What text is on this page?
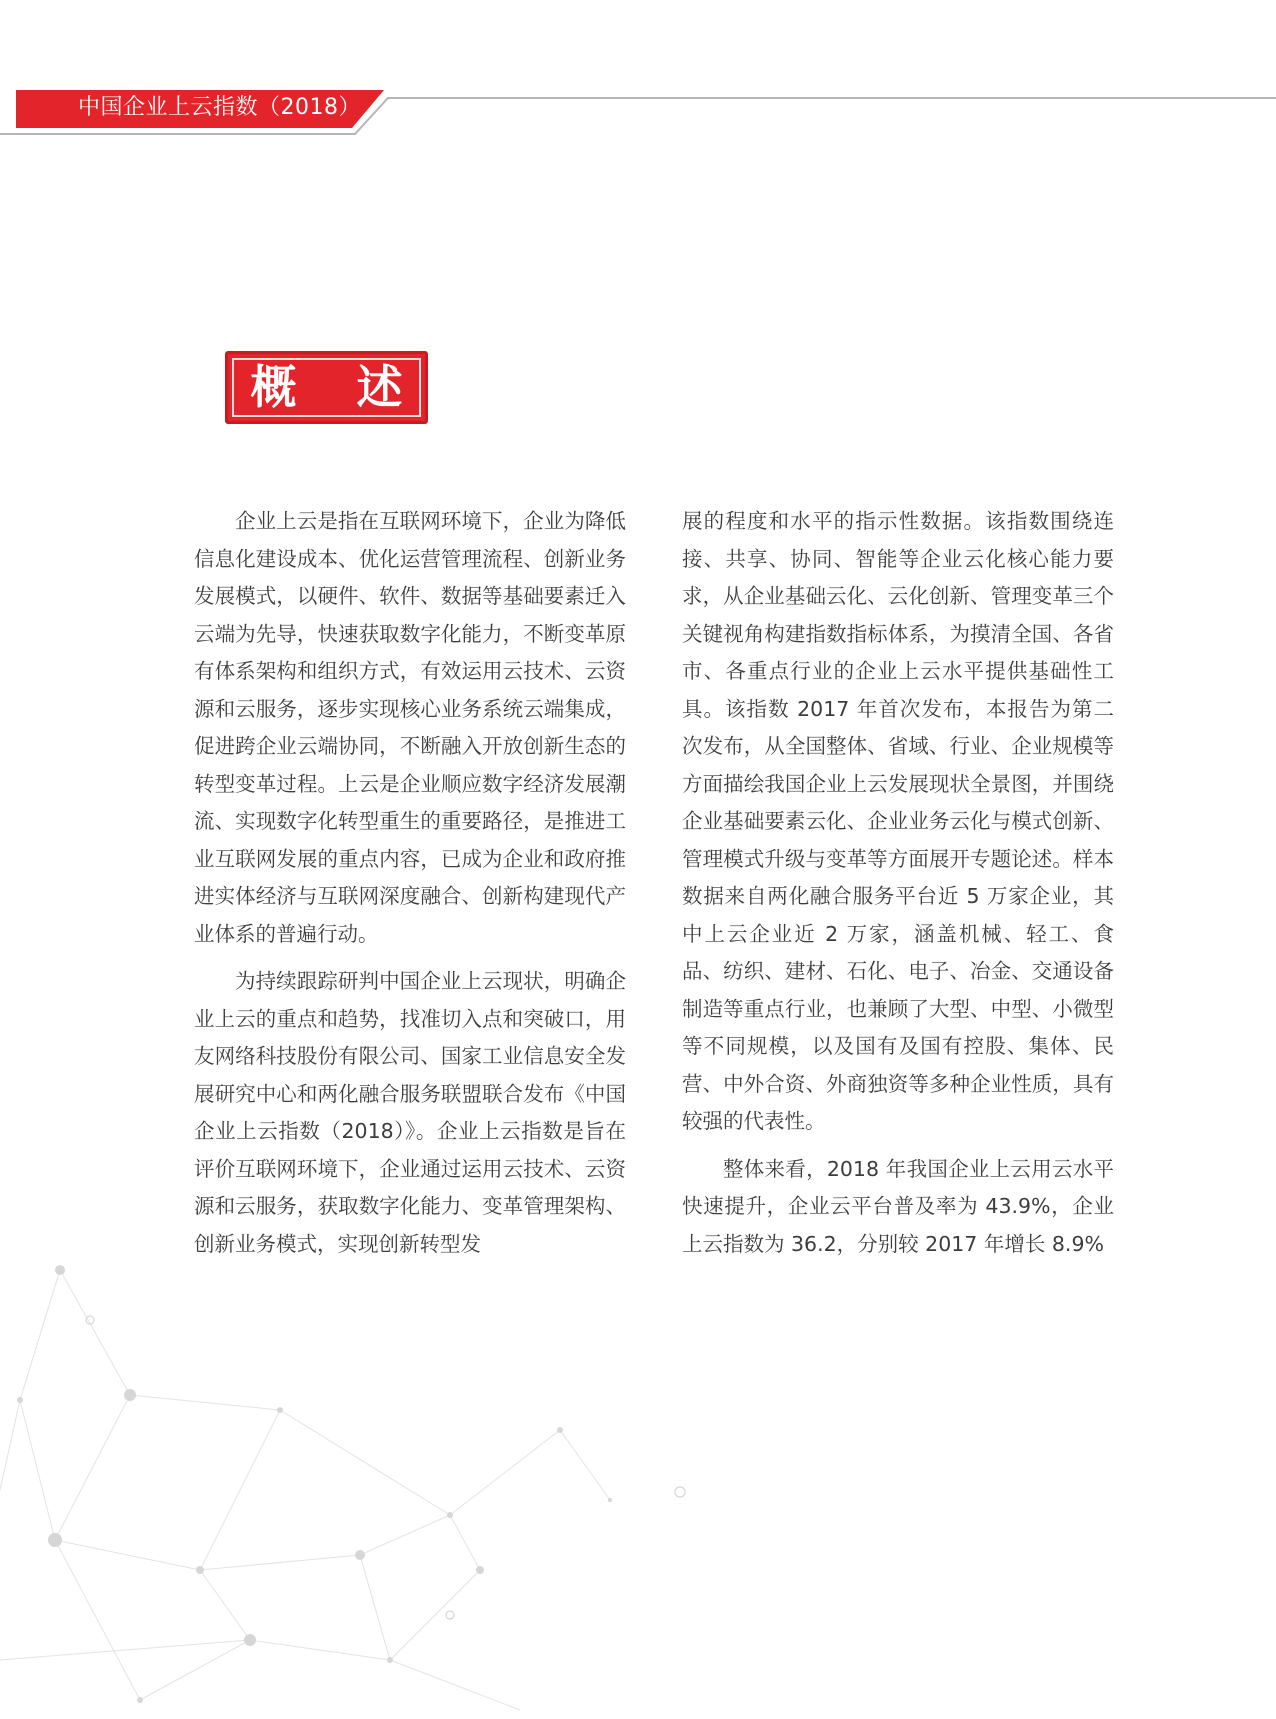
中国企业上云指数（2018）
概 述

企业上云是指在互联网环境下，企业为降低信息化建设成本、优化运营管理流程、创新业务发展模式，以硬件、软件、数据等基础要素迁入云端为先导，快速获取数字化能力，不断变革原有体系架构和组织方式，有效运用云技术、云资源和云服务，逐步实现核心业务系统云端集成，促进跨企业云端协同，不断融入开放创新生态的转型变革过程。上云是企业顺应数字经济发展潮流、实现数字化转型重生的重要路径，是推进工业互联网发展的重点内容，已成为企业和政府推进实体经济与互联网深度融合、创新构建现代产业体系的普遍行动。

为持续跟踪研判中国企业上云现状，明确企业上云的重点和趋势，找准切入点和突破口，用友网络科技股份有限公司、国家工业信息安全发展研究中心和两化融合服务联盟联合发布《中国企业上云指数（2018）》。企业上云指数是旨在评价互联网环境下，企业通过运用云技术、云资源和云服务，获取数字化能力、变革管理架构、创新业务模式，实现创新转型发

展的程度和水平的指示性数据。该指数围绕连接、共享、协同、智能等企业云化核心能力要求，从企业基础云化、云化创新、管理变革三个关键视角构建指数指标体系，为摸清全国、各省市、各重点行业的企业上云水平提供基础性工具。该指数 2017 年首次发布，本报告为第二次发布，从全国整体、省域、行业、企业规模等方面描绘我国企业上云发展现状全景图，并围绕企业基础要素云化、企业业务云化与模式创新、管理模式升级与变革等方面展开专题论述。样本数据来自两化融合服务平台近 5 万家企业，其中上云企业近 2 万家，涵盖机械、轻工、食品、纺织、建材、石化、电子、冶金、交通设备制造等重点行业，也兼顾了大型、中型、小微型等不同规模，以及国有及国有控股、集体、民营、中外合资、外商独资等多种企业性质，具有较强的代表性。

整体来看，2018 年我国企业上云用云水平快速提升，企业云平台普及率为 43.9%，企业上云指数为 36.2，分别较 2017 年增长 8.9%
